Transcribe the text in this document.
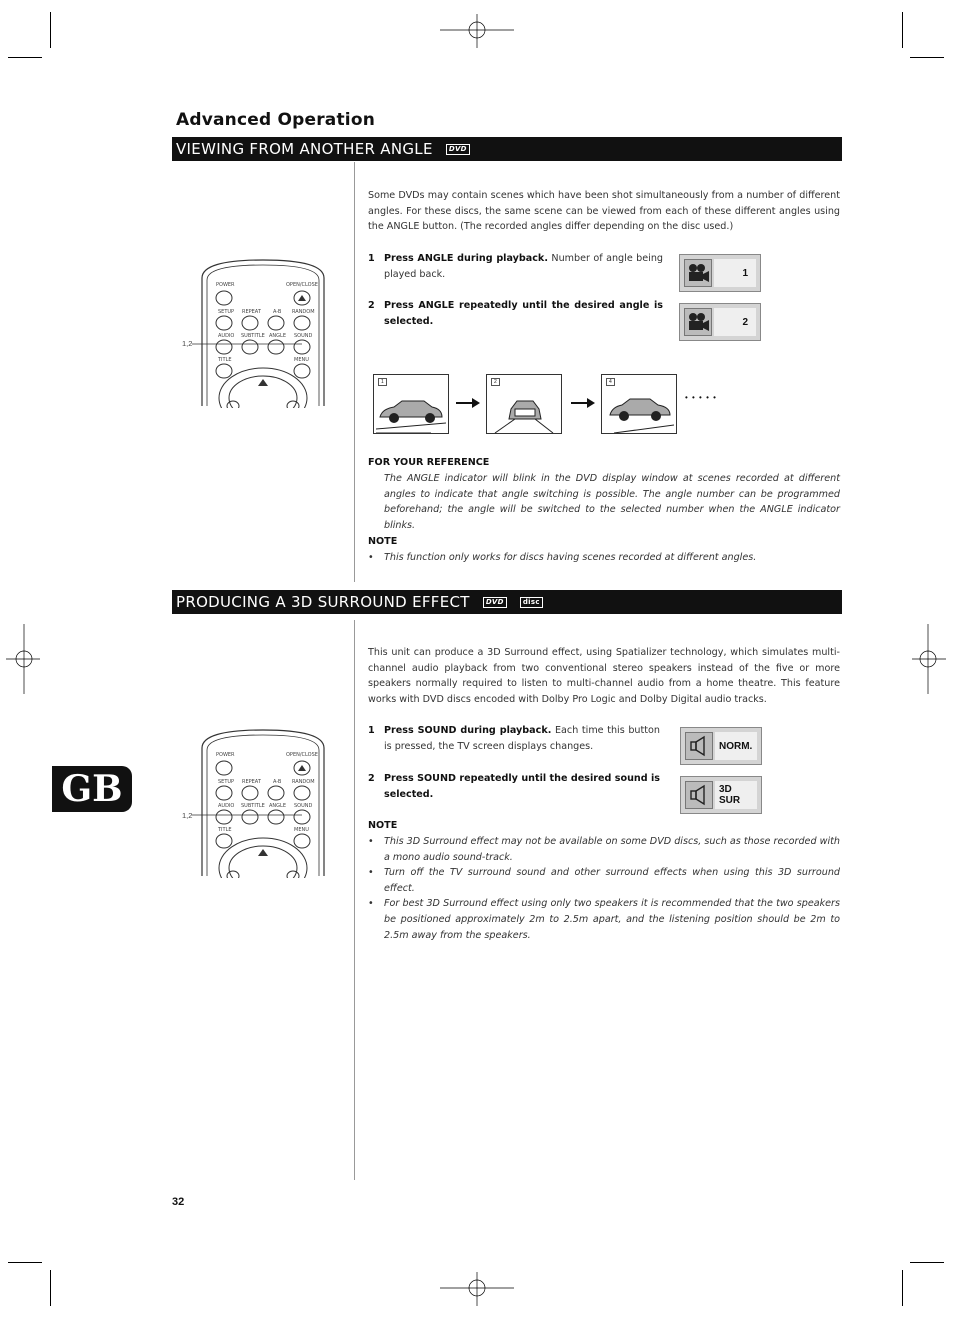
Advanced Operation
VIEWING FROM ANOTHER ANGLE DVD
POWER	OPEN/CLOSE
SETUP REPEAT A-B RANDOM
AUDIO SUBTITLE ANGLE SOUND
TITLE	MENU
1,2
Some DVDs may contain scenes which have been shot simultaneously from a number of different angles. For these discs, the same scene can be viewed from each of these different angles using the ANGLE button. (The recorded angles differ depending on the disc used.)
1 Press ANGLE during playback. Number of angle being played back.
2 Press ANGLE repeatedly until the desired angle is selected.
1
2
1	2	4
• • • • •
FOR YOUR REFERENCE
The ANGLE indicator will blink in the DVD display window at scenes recorded at different angles to indicate that angle switching is possible. The angle number can be programmed beforehand; the angle will be switched to the selected number when the ANGLE indicator blinks.
NOTE
• This function only works for discs having scenes recorded at different angles.
PRODUCING A 3D SURROUND EFFECT DVD	disc
POWER	OPEN/CLOSE
SETUP REPEAT A-B RANDOM
AUDIO SUBTITLE ANGLE SOUND
TITLE	MENU
1,2
GB
This unit can produce a 3D Surround effect, using Spatializer technology, which simulates multi-channel audio playback from two conventional stereo speakers instead of the five or more speakers normally required to listen to multi-channel audio from a home theatre. This feature works with DVD discs encoded with Dolby Pro Logic and Dolby Digital audio tracks.
1 Press SOUND during playback. Each time this button is pressed, the TV screen displays changes.
2 Press SOUND repeatedly until the desired sound is selected.
NORM.
3D SUR
NOTE
• This 3D Surround effect may not be available on some DVD discs, such as those recorded with a mono audio sound-track.
• Turn off the TV surround sound and other surround effects when using this 3D surround effect.
• For best 3D Surround effect using only two speakers it is recommended that the two speakers be positioned approximately 2m to 2.5m apart, and the listening position should be 2m to 2.5m away from the speakers.
32
